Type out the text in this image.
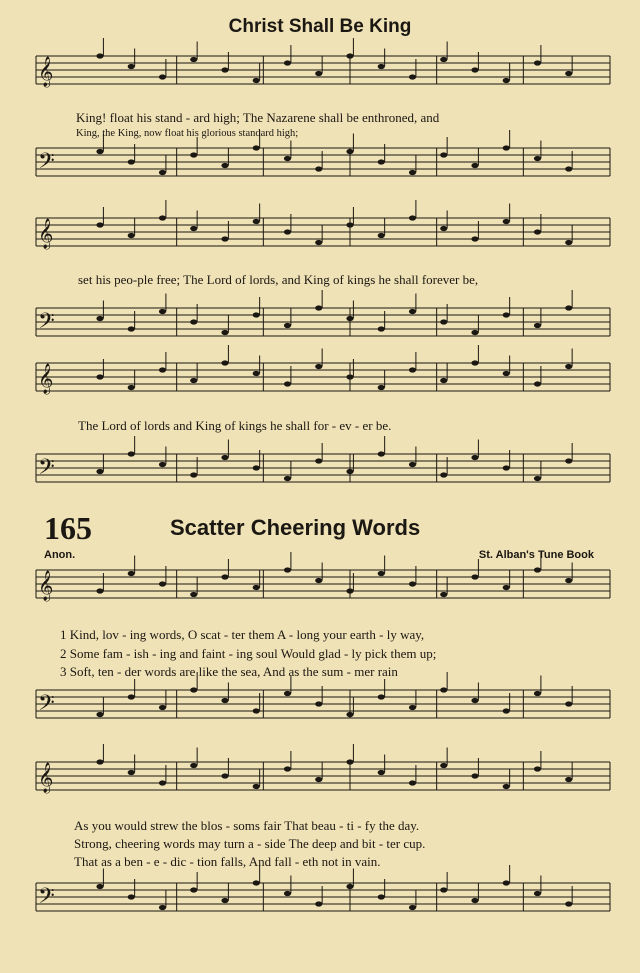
Christ Shall Be King
𝄞
𝄢
𝄞
𝄢
𝄞
𝄢
𝄞
𝄢
𝄞
𝄢
King! float his stand - ard high; The Nazarene shall be enthroned, and
King, the King, now float his glorious standard high;
set his peo-ple free; The Lord of lords, and King of kings he shall forever be,
The Lord of lords and King of kings he shall for - ev - er be.
165	Scatter Cheering Words
Anon.	St. Alban's Tune Book
1 Kind, lov - ing words, O scat - ter them A - long your earth - ly way,
2 Some fam - ish - ing and faint - ing soul Would glad - ly pick them up;
3 Soft, ten - der words are like the sea, And as the sum - mer rain
As you would strew the blos - soms fair That beau - ti - fy the day.
Strong, cheering words may turn a - side The deep and bit - ter cup.
That as a ben - e - dic - tion falls, And fall - eth not in vain.
